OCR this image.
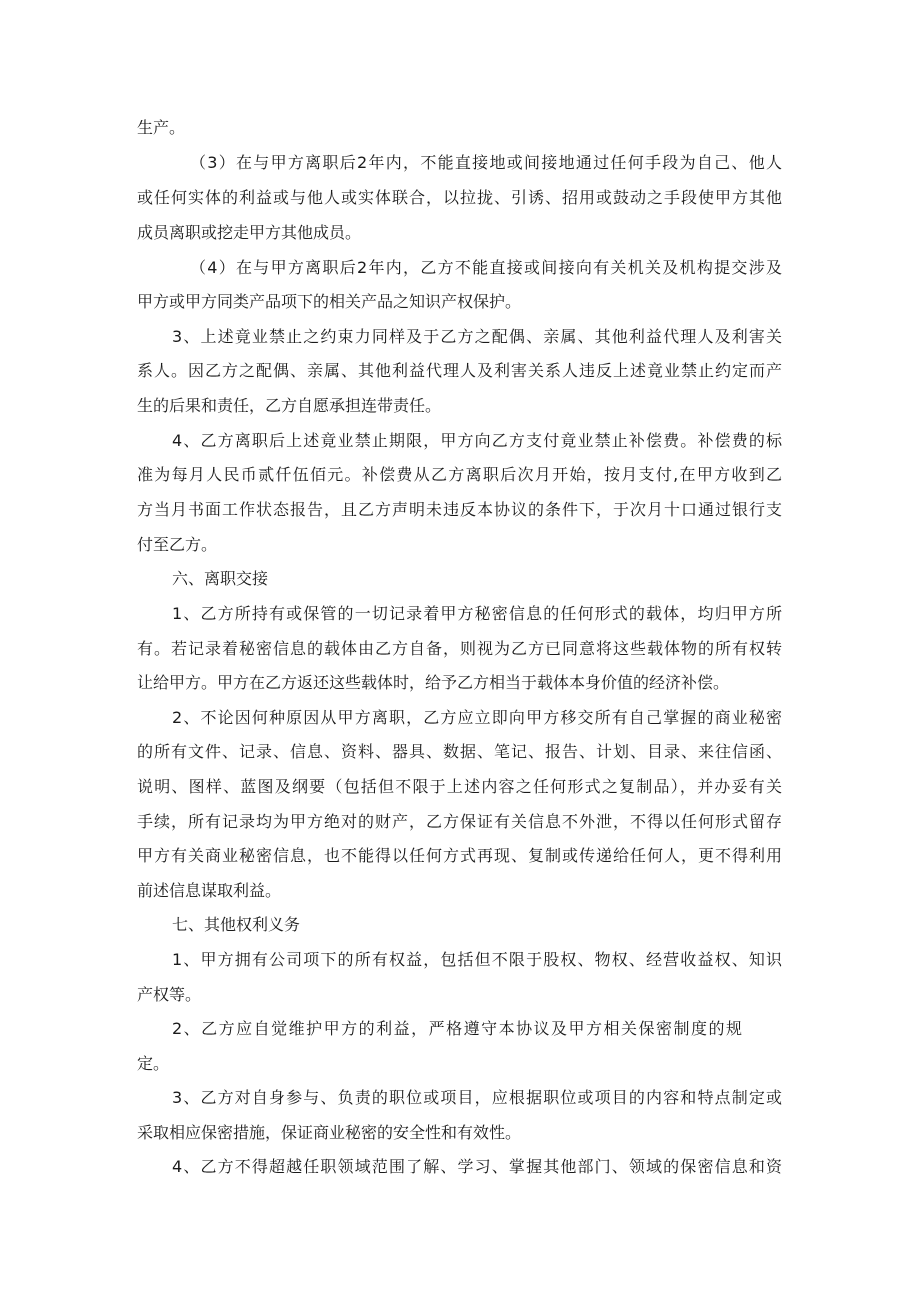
生产。
（3）在与甲方离职后2年内，不能直接地或间接地通过任何手段为自己、他人
或任何实体的利益或与他人或实体联合，以拉拢、引诱、招用或鼓动之手段使甲方其他
成员离职或挖走甲方其他成员。
（4）在与甲方离职后2年内，乙方不能直接或间接向有关机关及机构提交涉及
甲方或甲方同类产品项下的相关产品之知识产权保护。
3、上述竟业禁止之约束力同样及于乙方之配偶、亲属、其他利益代理人及利害关
系人。因乙方之配偶、亲属、其他利益代理人及利害关系人违反上述竟业禁止约定而产
生的后果和责任，乙方自愿承担连带责任。
4、乙方离职后上述竟业禁止期限，甲方向乙方支付竟业禁止补偿费。补偿费的标
准为每月人民币贰仟伍佰元。补偿费从乙方离职后次月开始，按月支付,在甲方收到乙
方当月书面工作状态报告，且乙方声明未违反本协议的条件下，于次月十口通过银行支
付至乙方。
六、离职交接
1、乙方所持有或保管的一切记录着甲方秘密信息的任何形式的载体，均归甲方所
有。若记录着秘密信息的载体由乙方自备，则视为乙方已同意将这些载体物的所有权转
让给甲方。甲方在乙方返还这些载体时，给予乙方相当于载体本身价值的经济补偿。
2、不论因何种原因从甲方离职，乙方应立即向甲方移交所有自己掌握的商业秘密
的所有文件、记录、信息、资料、器具、数据、笔记、报告、计划、目录、来往信函、
说明、图样、蓝图及纲要（包括但不限于上述内容之任何形式之复制品），并办妥有关
手续，所有记录均为甲方绝对的财产，乙方保证有关信息不外泄，不得以任何形式留存
甲方有关商业秘密信息，也不能得以任何方式再现、复制或传递给任何人，更不得利用
前述信息谋取利益。
七、其他权利义务
1、甲方拥有公司项下的所有权益，包括但不限于股权、物权、经营收益权、知识
产权等。
2、乙方应自觉维护甲方的利益，严格遵守本协议及甲方相关保密制度的规
定。
3、乙方对自身参与、负责的职位或项目，应根据职位或项目的内容和特点制定或
采取相应保密措施，保证商业秘密的安全性和有效性。
4、乙方不得超越任职领域范围了解、学习、掌握其他部门、领域的保密信息和资
